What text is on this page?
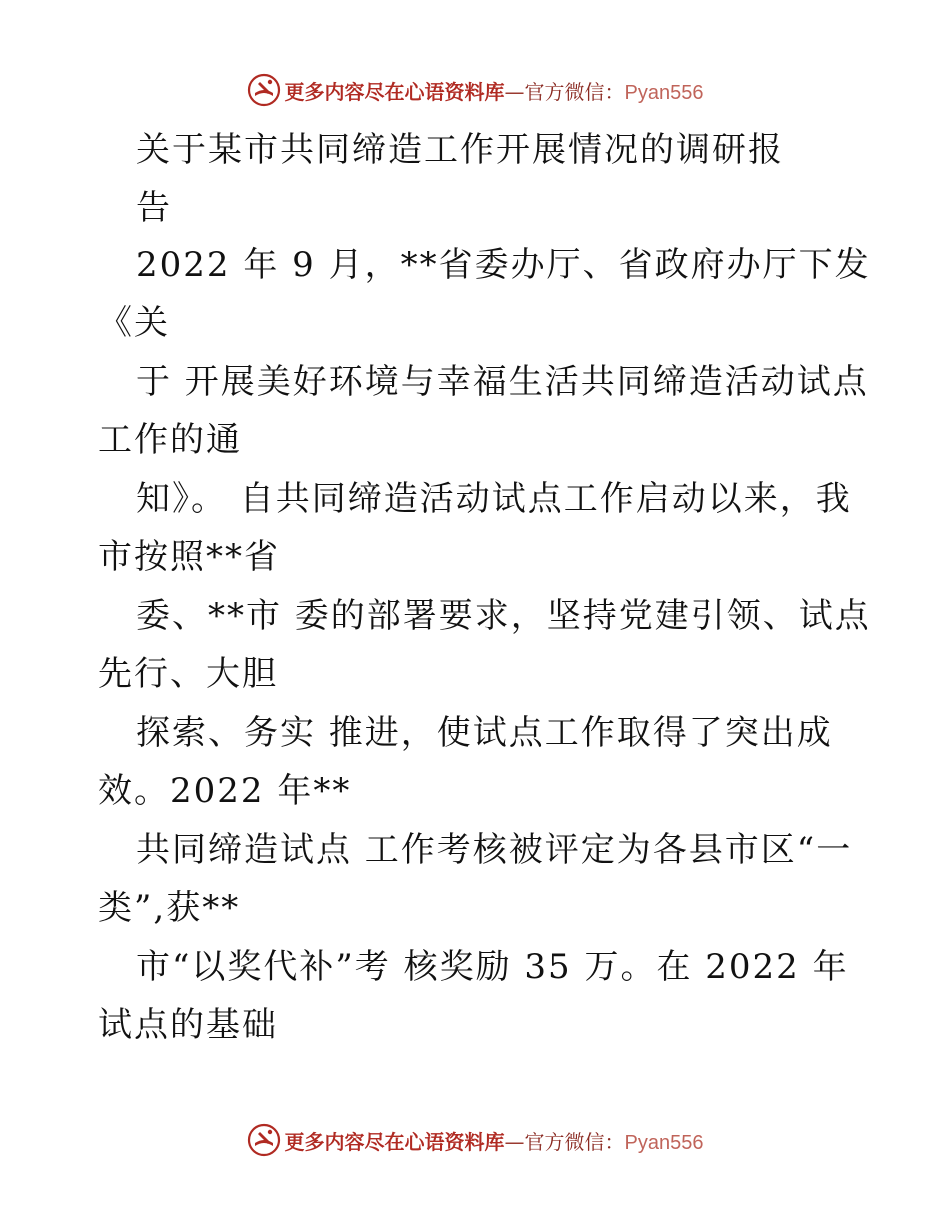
更多内容尽在心语资料库—官方微信：Pyan556
关于某市共同缔造工作开展情况的调研报
告
2022 年 9 月，**省委办厅、省政府办厅下发
《关
于 开展美好环境与幸福生活共同缔造活动试点
工作的通
知》。 自共同缔造活动试点工作启动以来，我
市按照**省
委、**市 委的部署要求，坚持党建引领、试点
先行、大胆
探索、务实 推进，使试点工作取得了突出成
效。2022 年**
共同缔造试点 工作考核被评定为各县市区“一
类”,获**
市“以奖代补”考 核奖励 35 万。在 2022 年
试点的基础
更多内容尽在心语资料库—官方微信：Pyan556
